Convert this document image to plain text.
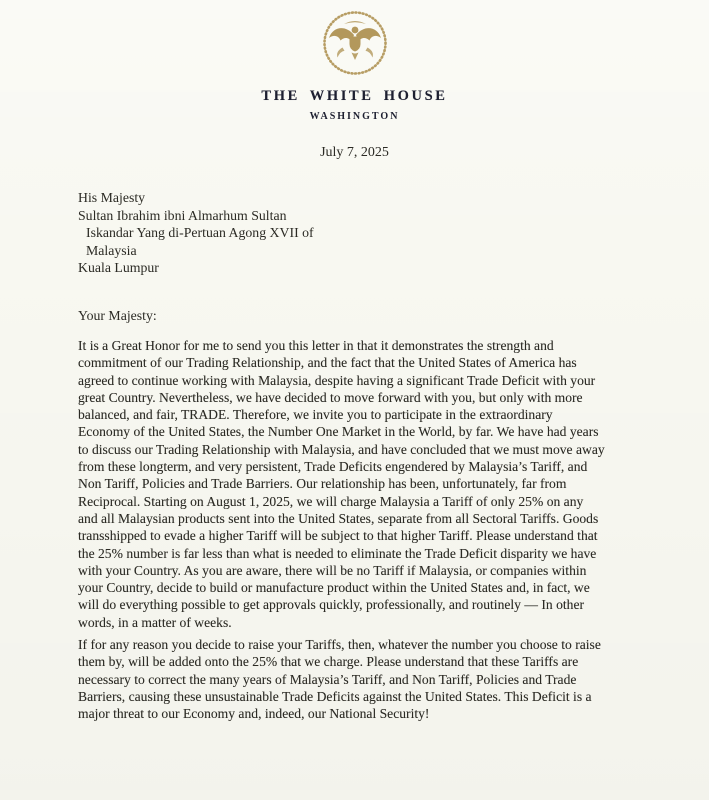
THE WHITE HOUSE
WASHINGTON
July 7, 2025
His Majesty
Sultan Ibrahim ibni Almarhum Sultan
Iskandar Yang di-Pertuan Agong XVII of
Malaysia
Kuala Lumpur
Your Majesty:
It is a Great Honor for me to send you this letter in that it demonstrates the strength and
commitment of our Trading Relationship, and the fact that the United States of America has
agreed to continue working with Malaysia, despite having a significant Trade Deficit with your
great Country. Nevertheless, we have decided to move forward with you, but only with more
balanced, and fair, TRADE. Therefore, we invite you to participate in the extraordinary
Economy of the United States, the Number One Market in the World, by far. We have had years
to discuss our Trading Relationship with Malaysia, and have concluded that we must move away
from these longterm, and very persistent, Trade Deficits engendered by Malaysia’s Tariff, and
Non Tariff, Policies and Trade Barriers. Our relationship has been, unfortunately, far from
Reciprocal. Starting on August 1, 2025, we will charge Malaysia a Tariff of only 25% on any
and all Malaysian products sent into the United States, separate from all Sectoral Tariffs. Goods
transshipped to evade a higher Tariff will be subject to that higher Tariff. Please understand that
the 25% number is far less than what is needed to eliminate the Trade Deficit disparity we have
with your Country. As you are aware, there will be no Tariff if Malaysia, or companies within
your Country, decide to build or manufacture product within the United States and, in fact, we
will do everything possible to get approvals quickly, professionally, and routinely — In other
words, in a matter of weeks.
If for any reason you decide to raise your Tariffs, then, whatever the number you choose to raise
them by, will be added onto the 25% that we charge. Please understand that these Tariffs are
necessary to correct the many years of Malaysia’s Tariff, and Non Tariff, Policies and Trade
Barriers, causing these unsustainable Trade Deficits against the United States. This Deficit is a
major threat to our Economy and, indeed, our National Security!
